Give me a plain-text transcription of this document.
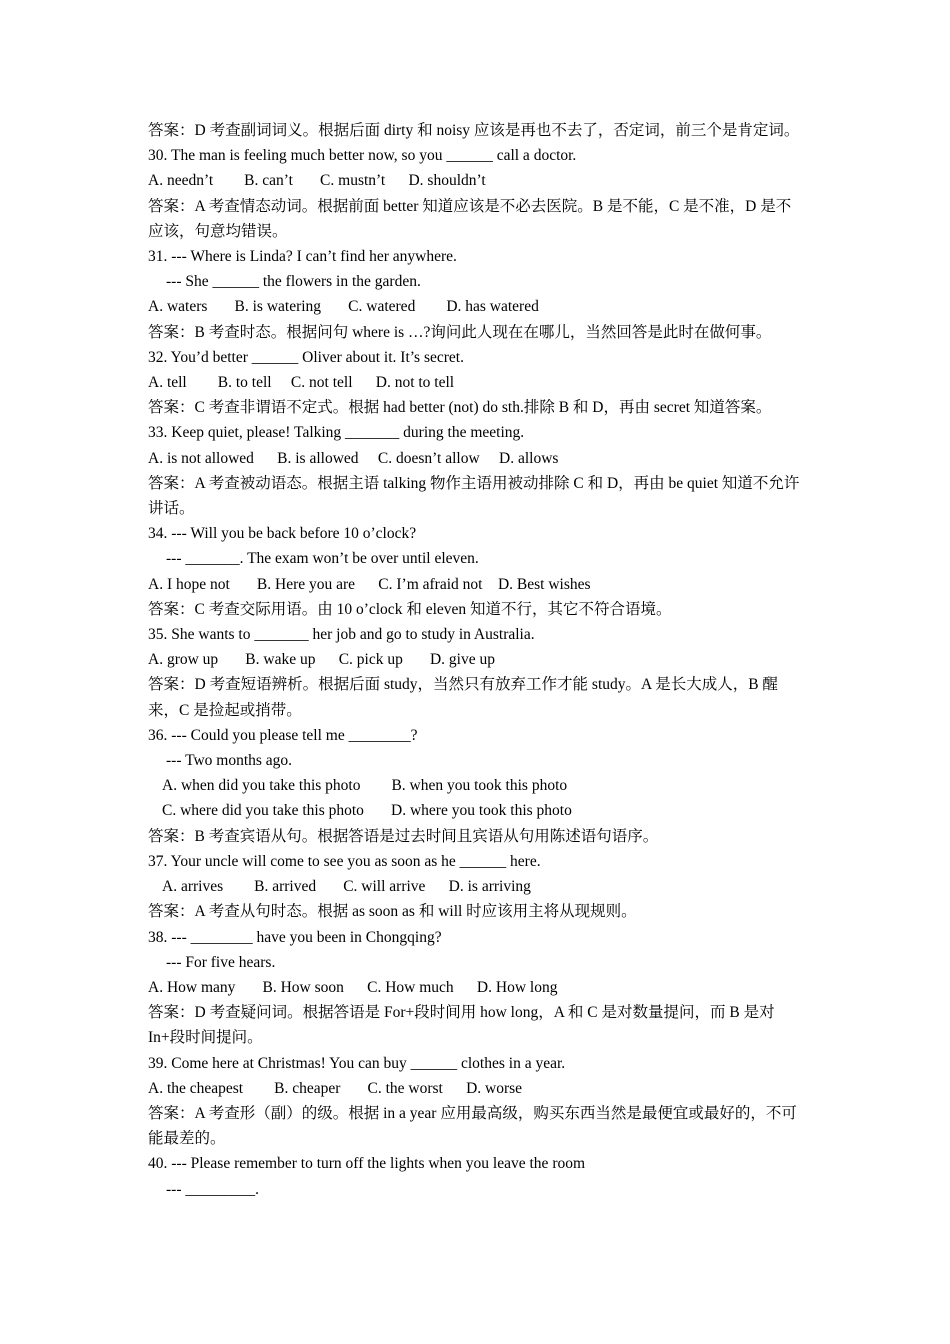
答案：D 考查副词词义。根据后面 dirty 和 noisy 应该是再也不去了，否定词，前三个是肯定词。
30. The man is feeling much better now, so you ______ call a doctor.
A. needn’t        B. can’t       C. mustn’t      D. shouldn’t
答案：A 考查情态动词。根据前面 better 知道应该是不必去医院。B 是不能，C 是不准，D 是不应该，句意均错误。
31. --- Where is Linda? I can’t find her anywhere.
--- She ______ the flowers in the garden.
A. waters       B. is watering       C. watered        D. has watered
答案：B 考查时态。根据问句 where is …?询问此人现在在哪儿，当然回答是此时在做何事。
32. You’d better ______ Oliver about it. It’s secret.
A. tell        B. to tell     C. not tell      D. not to tell
答案：C 考查非谓语不定式。根据 had better (not) do sth.排除 B 和 D，再由 secret 知道答案。
33. Keep quiet, please! Talking _______ during the meeting.
A. is not allowed      B. is allowed     C. doesn’t allow     D. allows
答案：A 考查被动语态。根据主语 talking 物作主语用被动排除 C 和 D，再由 be quiet 知道不允许讲话。
34. --- Will you be back before 10 o’clock?
--- _______. The exam won’t be over until eleven.
A. I hope not       B. Here you are      C. I’m afraid not    D. Best wishes
答案：C 考查交际用语。由 10 o’clock 和 eleven 知道不行，其它不符合语境。
35. She wants to _______ her job and go to study in Australia.
A. grow up       B. wake up      C. pick up       D. give up
答案：D 考查短语辨析。根据后面 study，当然只有放弃工作才能 study。A 是长大成人，B 醒来，C 是捡起或捎带。
36. --- Could you please tell me ________?
--- Two months ago.
A. when did you take this photo        B. when you took this photo
C. where did you take this photo       D. where you took this photo
答案：B 考查宾语从句。根据答语是过去时间且宾语从句用陈述语句语序。
37. Your uncle will come to see you as soon as he ______ here.
A. arrives        B. arrived       C. will arrive      D. is arriving
答案：A 考查从句时态。根据 as soon as 和 will 时应该用主将从现规则。
38. --- ________ have you been in Chongqing?
--- For five hears.
A. How many       B. How soon      C. How much      D. How long
答案：D 考查疑问词。根据答语是 For+段时间用 how long，A 和 C 是对数量提问，而 B 是对 In+段时间提问。
39. Come here at Christmas! You can buy ______ clothes in a year.
A. the cheapest        B. cheaper       C. the worst      D. worse
答案：A 考查形（副）的级。根据 in a year 应用最高级，购买东西当然是最便宜或最好的，不可能最差的。
40. --- Please remember to turn off the lights when you leave the room
--- _________.
